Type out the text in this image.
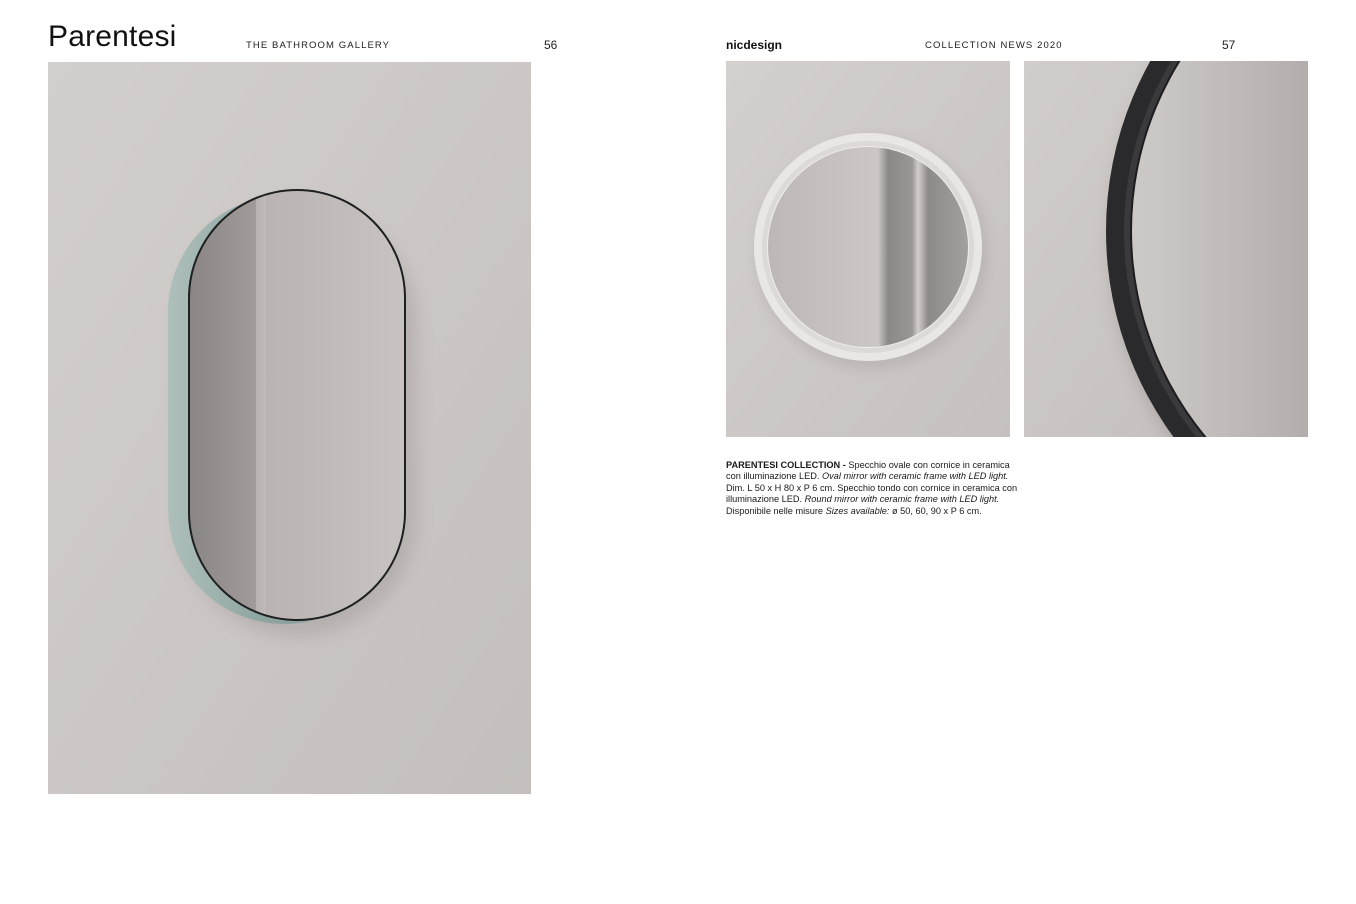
Parentesi	THE BATHROOM GALLERY	56	nicdesign	COLLECTION NEWS 2020	57
PARENTESI COLLECTION - Specchio ovale con cornice in ceramica con illuminazione LED. Oval mirror with ceramic frame with LED light. Dim. L 50 x H 80 x P 6 cm. Specchio tondo con cornice in ceramica con illuminazione LED. Round mirror with ceramic frame with LED light. Disponibile nelle misure Sizes available: ø 50, 60, 90 x P 6 cm.
